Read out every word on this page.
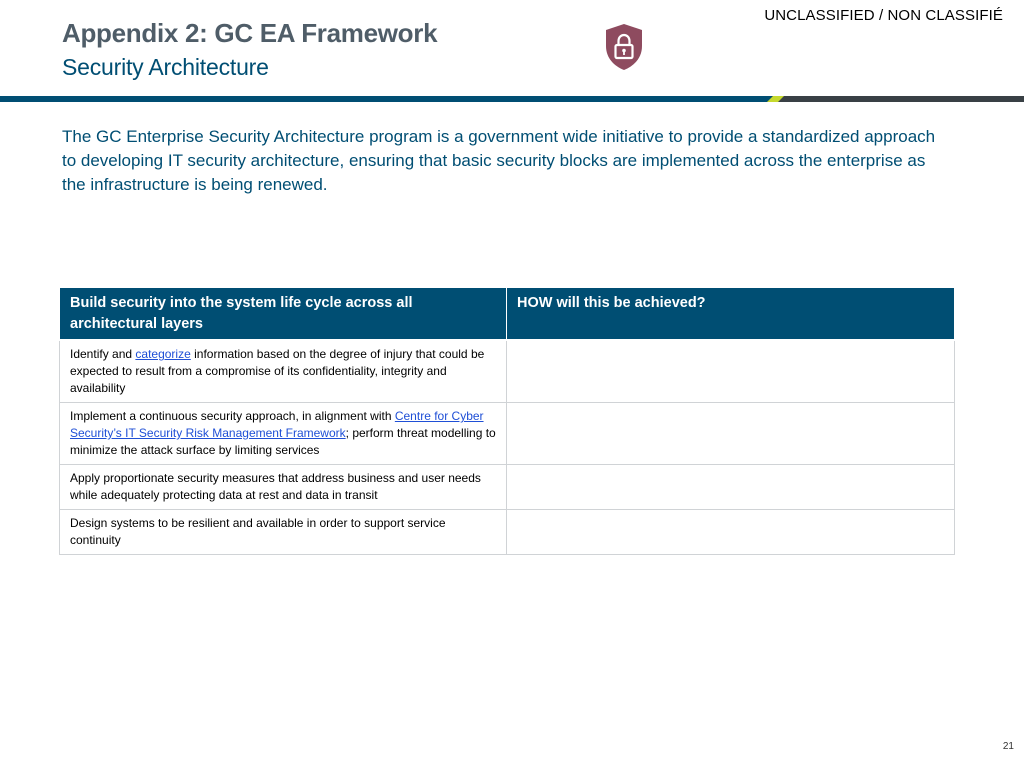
UNCLASSIFIED / NON CLASSIFIÉ
Appendix 2: GC EA Framework
Security Architecture
The GC Enterprise Security Architecture program is a government wide initiative to provide a standardized approach to developing IT security architecture, ensuring that basic security blocks are implemented across the enterprise as the infrastructure is being renewed.
Build security into the system life cycle across all architectural layers	HOW will this be achieved?
Identify and categorize information based on the degree of injury that could be expected to result from a compromise of its confidentiality, integrity and availability	
Implement a continuous security approach, in alignment with Centre for Cyber Security’s IT Security Risk Management Framework; perform threat modelling to minimize the attack surface by limiting services	
Apply proportionate security measures that address business and user needs while adequately protecting data at rest and data in transit	
Design systems to be resilient and available in order to support service continuity	
21
